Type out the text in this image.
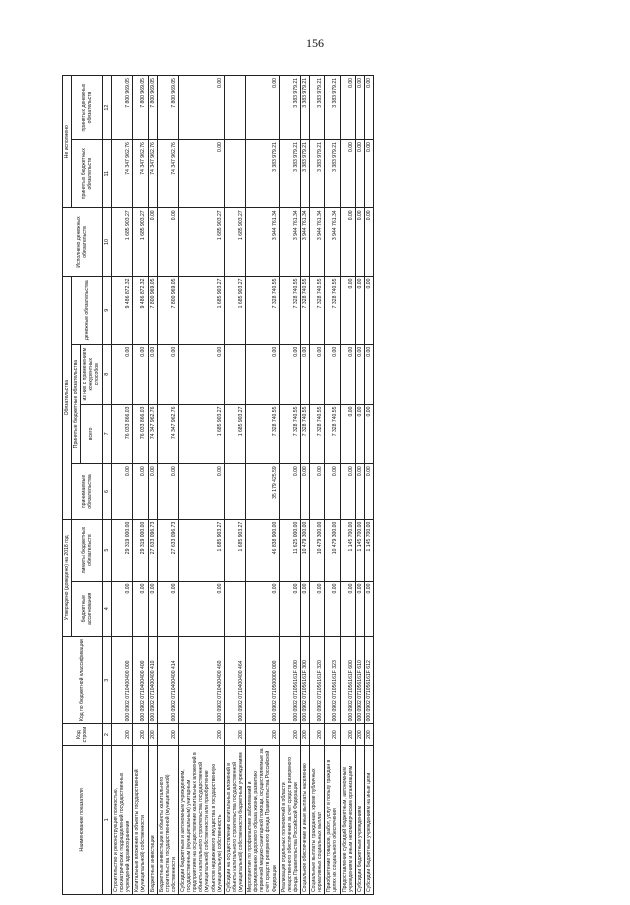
156
Наименование показателя	Код строки	Код по бюджетной классификации	Утверждено (доведено) на 2018 год		Обязательства				Исполнено денежных обязательств	Не исполнено	
			бюджетные ассигнования	лимиты бюджетных обязательств	принимаемые обязательства	Принятые бюджетные обязательства		денежные обязательства		принятых бюджетных обязательств	принятых денежных обязательств
						всего	из них с применением конкурентных способов				
1	2	3	4	5	6	7	8	9	10	11	12
Строительство и реконструкция полностью, психиатрических подразделений государственных учреждений здравоохранения	200	000 0902 0710400400 000	0.00	29 319 000.00	0.00	76 033 866.03	0.00	9 486 872.32	1 685 903.27	74 347 962.76	7 800 969.05
Капитальные вложения в объекты государственной (муниципальной) собственности	200	000 0902 0710400400 400	0.00	29 319 000.00	0.00	76 033 866.03	0.00	9 486 872.32	1 685 903.27	74 347 962.76	7 800 969.05
Бюджетные инвестиции	200	000 0902 0710400400 410	0.00	27 633 096.73	0.00	74 347 962.76	0.00	7 800 969.05	0.00	74 347 962.76	7 800 969.05
Бюджетные инвестиции в объекты капитального строительства государственной (муниципальной) собственности	200	000 0902 0710400400 414	0.00	27 633 096.73	0.00	74 347 962.76	0.00	7 800 969.05	0.00	74 347 962.76	7 800 969.05
Субсидии бюджетным и автономным учреждениям, государственным (муниципальным) унитарным предприятиям на осуществление капитальных вложений в объекты капитального строительства государственной (муниципальной) собственности или приобретение объектов недвижимого имущества в государственную (муниципальную) собственность	200	000 0902 0710400400 460	0.00	1 685 903.27	0.00	1 685 903.27	0.00	1 685 903.27	1 685 903.27	0.00	0.00
Субсидии на осуществление капитальных вложений в объекты капитального строительства государственной (муниципальной) собственности бюджетным учреждениям	200	000 0902 0710400400 464		1 685 903.27		1 685 903.27		1 685 903.27	1 685 903.27		
Мероприятия по профилактике заболеваний и формированию здорового образа жизни, развитию первичной медико-санитарной помощи, осуществляемые за счёт средств резервного фонда Правительства Российской Федерации	200	000 0902 0710500000 000	0.00	46 838 900.00	35 179 425.59	7 328 740.55	0.00	7 328 740.55	3 944 761.34	3 383 979.21	0.00
Реализация отдельных полномочий в области лекарственного обеспечения за счет средств резервного фонда Правительства Российской Федерации	200	000 0902 071056161F 000	0.00	11 625 000.00	0.00	7 328 740.55	0.00	7 328 740.55	3 944 761.34	3 383 979.21	3 383 979.21
Социальное обеспечение и иные выплаты населению	200	000 0902 071056161F 300	0.00	10 479 300.00	0.00	7 328 740.55	0.00	7 328 740.55	3 944 761.34	3 383 979.21	3 383 979.21
Социальные выплаты гражданам, кроме публичных нормативных социальных выплат	200	000 0902 071056161F 320	0.00	10 479 300.00	0.00	7 328 740.55	0.00	7 328 740.55	3 944 761.34	3 383 979.21	3 383 979.21
Приобретение товаров, работ, услуг в пользу граждан в целях их социального обеспечения	200	000 0902 071056161F 323	0.00	10 479 300.00	0.00	7 328 740.55	0.00	7 328 740.55	3 944 761.34	3 383 979.21	3 383 979.21
Предоставление субсидий бюджетным, автономным учреждениям и иным некоммерческим организациям	200	000 0902 071056161F 600	0.00	1 145 700.00	0.00	0.00	0.00	0.00	0.00	0.00	0.00
Субсидии бюджетным учреждениям	200	000 0902 071056161F 610	0.00	1 145 700.00	0.00	0.00	0.00	0.00	0.00	0.00	0.00
Субсидии бюджетным учреждениям на иные цели	200	000 0902 071056161F 612	0.00	1 145 700.00	0.00	0.00	0.00	0.00	0.00	0.00	0.00
